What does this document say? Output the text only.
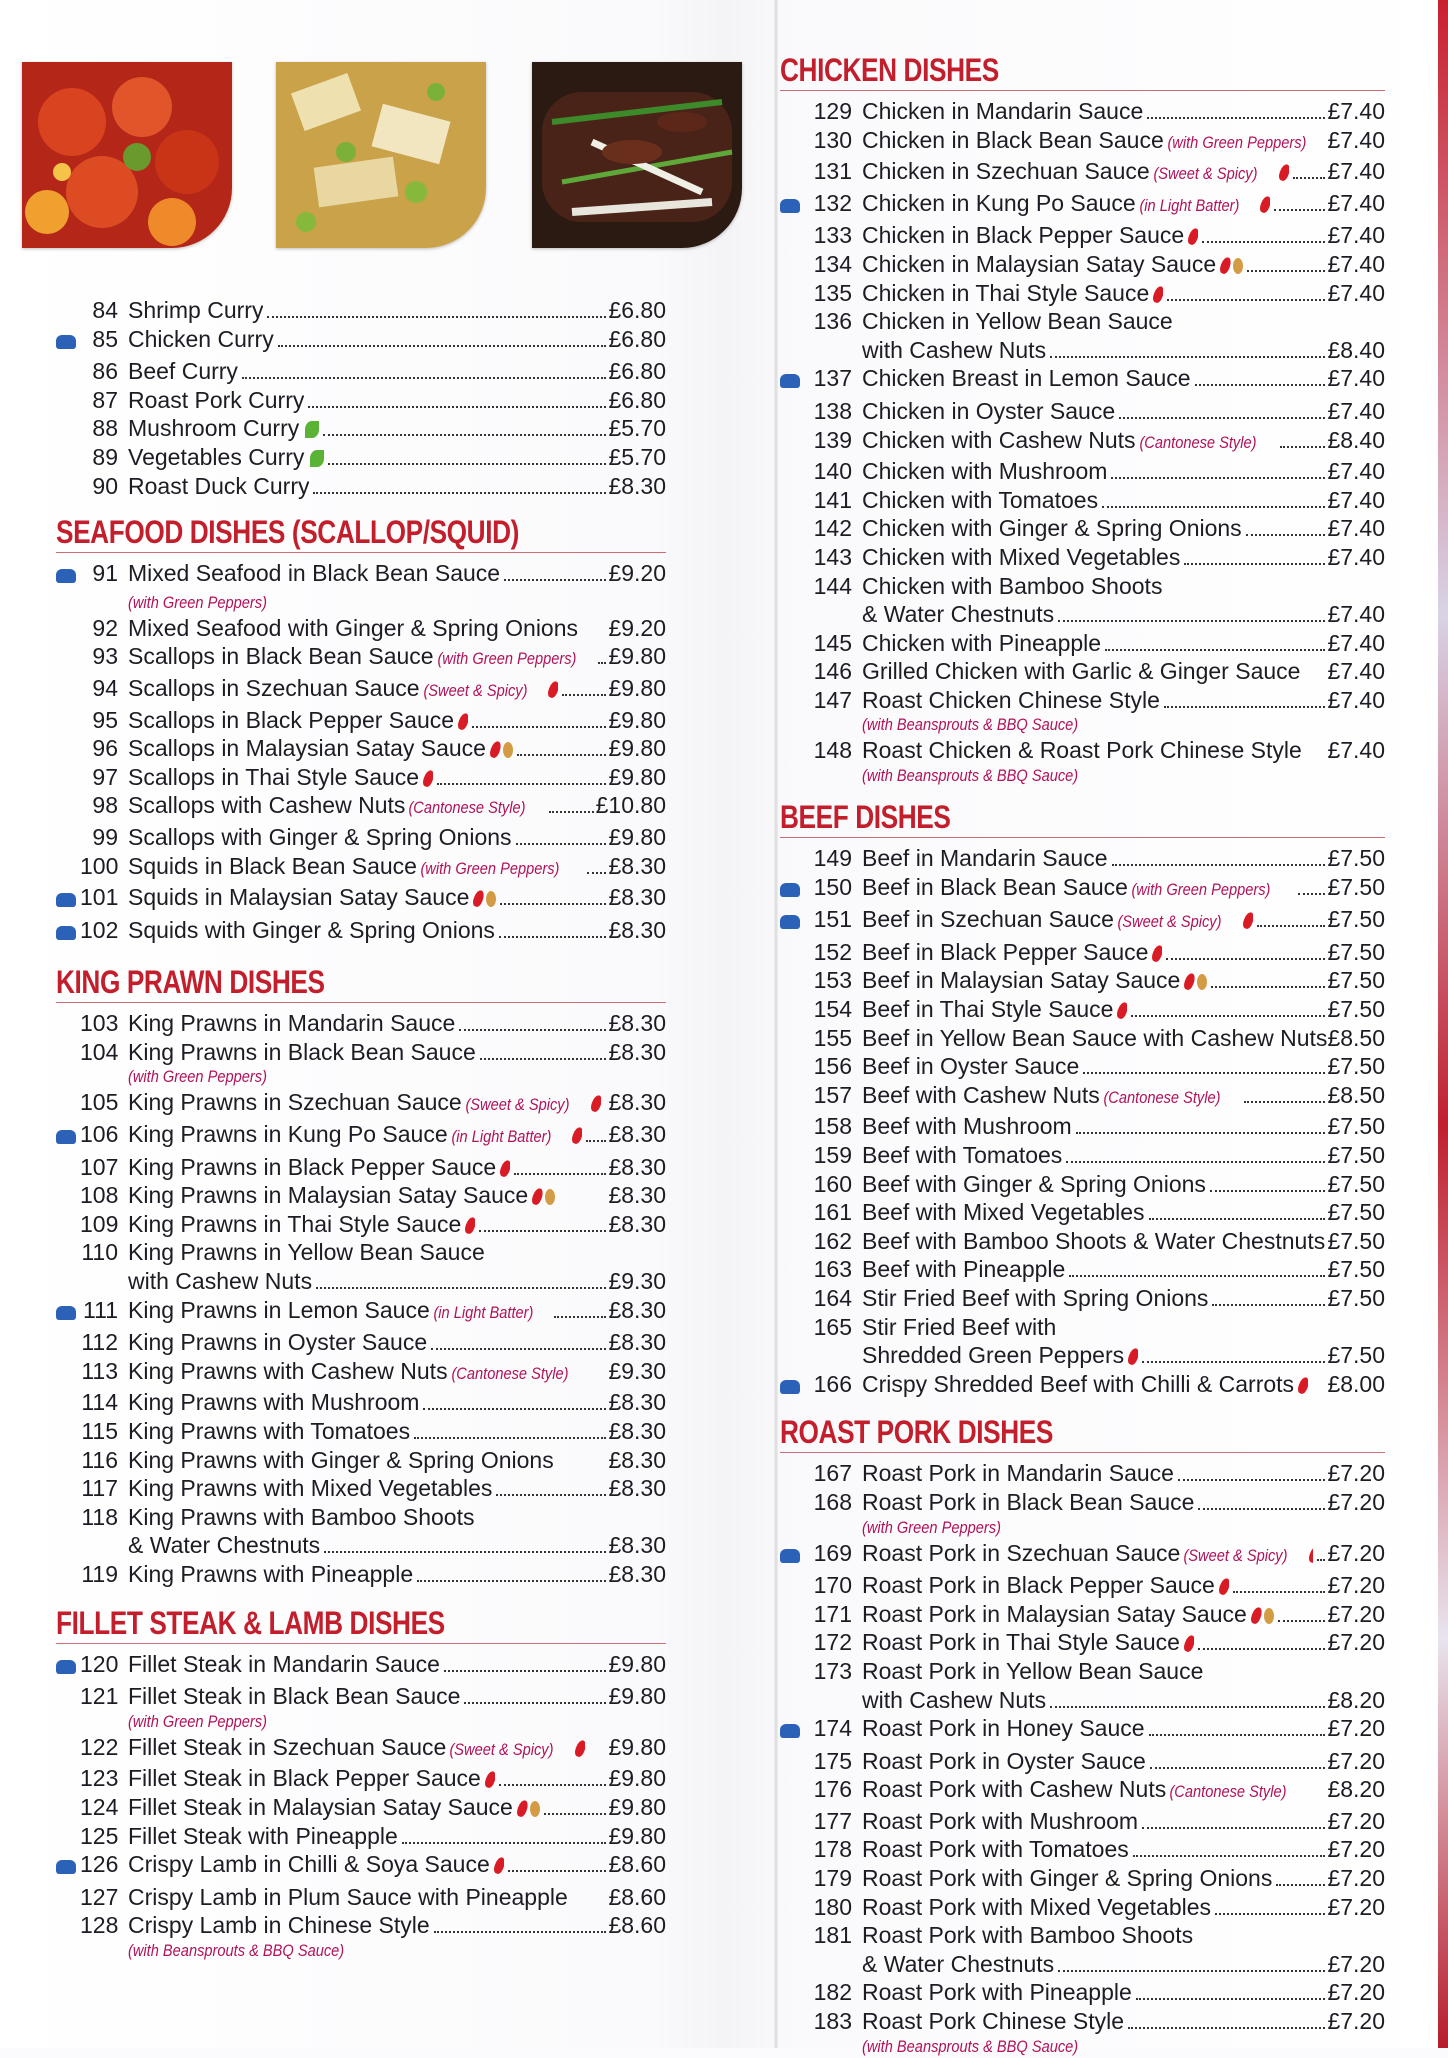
84 Shrimp Curry	£6.80
85 Chicken Curry	£6.80
86 Beef Curry	£6.80
87 Roast Pork Curry	£6.80
88 Mushroom Curry	£5.70
89 Vegetables Curry	£5.70
90 Roast Duck Curry	£8.30
SEAFOOD DISHES (SCALLOP/SQUID)
91 Mixed Seafood in Black Bean Sauce	£9.20
(with Green Peppers)
92 Mixed Seafood with Ginger & Spring Onions £9.20
93 Scallops in Black Bean Sauce (with Green Peppers)	£9.80
94 Scallops in Szechuan Sauce (Sweet & Spicy)	£9.80
95 Scallops in Black Pepper Sauce	£9.80
96 Scallops in Malaysian Satay Sauce	£9.80
97 Scallops in Thai Style Sauce	£9.80
98 Scallops with Cashew Nuts (Cantonese Style)	£10.80
99 Scallops with Ginger & Spring Onions	£9.80
100 Squids in Black Bean Sauce (with Green Peppers)	£8.30
101 Squids in Malaysian Satay Sauce	£8.30
102 Squids with Ginger & Spring Onions	£8.30
KING PRAWN DISHES
103 King Prawns in Mandarin Sauce	£8.30
104 King Prawns in Black Bean Sauce	£8.30
(with Green Peppers)
105 King Prawns in Szechuan Sauce (Sweet & Spicy)	£8.30
106 King Prawns in Kung Po Sauce (in Light Batter)	£8.30
107 King Prawns in Black Pepper Sauce	£8.30
108 King Prawns in Malaysian Satay Sauce	£8.30
109 King Prawns in Thai Style Sauce	£8.30
110 King Prawns in Yellow Bean Sauce
with Cashew Nuts	£9.30
111 King Prawns in Lemon Sauce (in Light Batter)	£8.30
112 King Prawns in Oyster Sauce	£8.30
113 King Prawns with Cashew Nuts (Cantonese Style)	£9.30
114 King Prawns with Mushroom	£8.30
115 King Prawns with Tomatoes	£8.30
116 King Prawns with Ginger & Spring Onions £8.30
117 King Prawns with Mixed Vegetables	£8.30
118 King Prawns with Bamboo Shoots
& Water Chestnuts	£8.30
119 King Prawns with Pineapple	£8.30
FILLET STEAK & LAMB DISHES
120 Fillet Steak in Mandarin Sauce	£9.80
121 Fillet Steak in Black Bean Sauce	£9.80
(with Green Peppers)
122 Fillet Steak in Szechuan Sauce (Sweet & Spicy)	£9.80
123 Fillet Steak in Black Pepper Sauce	£9.80
124 Fillet Steak in Malaysian Satay Sauce	£9.80
125 Fillet Steak with Pineapple	£9.80
126 Crispy Lamb in Chilli & Soya Sauce	£8.60
127 Crispy Lamb in Plum Sauce with Pineapple £8.60
128 Crispy Lamb in Chinese Style	£8.60
(with Beansprouts & BBQ Sauce)
CHICKEN DISHES
129 Chicken in Mandarin Sauce	£7.40
130 Chicken in Black Bean Sauce (with Green Peppers) £7.40
131 Chicken in Szechuan Sauce (Sweet & Spicy)	£7.40
132 Chicken in Kung Po Sauce (in Light Batter)	£7.40
133 Chicken in Black Pepper Sauce	£7.40
134 Chicken in Malaysian Satay Sauce	£7.40
135 Chicken in Thai Style Sauce	£7.40
136 Chicken in Yellow Bean Sauce
with Cashew Nuts	£8.40
137 Chicken Breast in Lemon Sauce	£7.40
138 Chicken in Oyster Sauce	£7.40
139 Chicken with Cashew Nuts (Cantonese Style)	£8.40
140 Chicken with Mushroom	£7.40
141 Chicken with Tomatoes	£7.40
142 Chicken with Ginger & Spring Onions	£7.40
143 Chicken with Mixed Vegetables	£7.40
144 Chicken with Bamboo Shoots
& Water Chestnuts	£7.40
145 Chicken with Pineapple	£7.40
146 Grilled Chicken with Garlic & Ginger Sauce £7.40
147 Roast Chicken Chinese Style	£7.40
(with Beansprouts & BBQ Sauce)
148 Roast Chicken & Roast Pork Chinese Style £7.40
(with Beansprouts & BBQ Sauce)
BEEF DISHES
149 Beef in Mandarin Sauce	£7.50
150 Beef in Black Bean Sauce (with Green Peppers)	£7.50
151 Beef in Szechuan Sauce (Sweet & Spicy)	£7.50
152 Beef in Black Pepper Sauce	£7.50
153 Beef in Malaysian Satay Sauce	£7.50
154 Beef in Thai Style Sauce	£7.50
155 Beef in Yellow Bean Sauce with Cashew Nuts £8.50
156 Beef in Oyster Sauce	£7.50
157 Beef with Cashew Nuts (Cantonese Style)	£8.50
158 Beef with Mushroom	£7.50
159 Beef with Tomatoes	£7.50
160 Beef with Ginger & Spring Onions	£7.50
161 Beef with Mixed Vegetables	£7.50
162 Beef with Bamboo Shoots & Water Chestnuts £7.50
163 Beef with Pineapple	£7.50
164 Stir Fried Beef with Spring Onions	£7.50
165 Stir Fried Beef with
Shredded Green Peppers	£7.50
166 Crispy Shredded Beef with Chilli & Carrots	£8.00
ROAST PORK DISHES
167 Roast Pork in Mandarin Sauce	£7.20
168 Roast Pork in Black Bean Sauce	£7.20
(with Green Peppers)
169 Roast Pork in Szechuan Sauce (Sweet & Spicy)	£7.20
170 Roast Pork in Black Pepper Sauce	£7.20
171 Roast Pork in Malaysian Satay Sauce	£7.20
172 Roast Pork in Thai Style Sauce	£7.20
173 Roast Pork in Yellow Bean Sauce
with Cashew Nuts	£8.20
174 Roast Pork in Honey Sauce	£7.20
175 Roast Pork in Oyster Sauce	£7.20
176 Roast Pork with Cashew Nuts (Cantonese Style)	£8.20
177 Roast Pork with Mushroom	£7.20
178 Roast Pork with Tomatoes	£7.20
179 Roast Pork with Ginger & Spring Onions £7.20
180 Roast Pork with Mixed Vegetables	£7.20
181 Roast Pork with Bamboo Shoots
& Water Chestnuts	£7.20
182 Roast Pork with Pineapple	£7.20
183 Roast Pork Chinese Style	£7.20
(with Beansprouts & BBQ Sauce)
